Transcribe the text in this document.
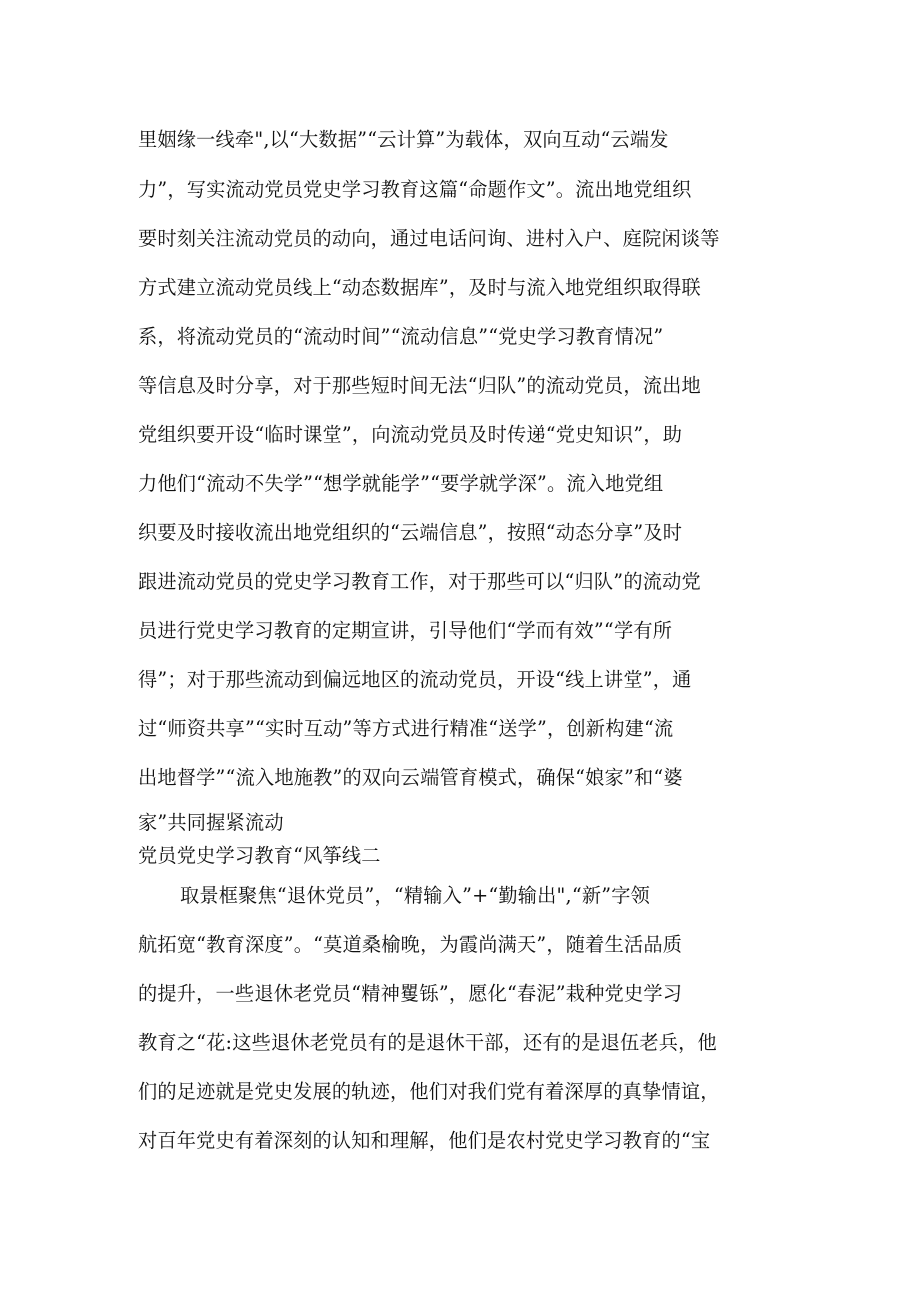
里姻缘一线牵",以“大数据”“云计算”为载体，双向互动“云端发
力”，写实流动党员党史学习教育这篇“命题作文”。流出地党组织
要时刻关注流动党员的动向，通过电话问询、进村入户、庭院闲谈等
方式建立流动党员线上“动态数据库”，及时与流入地党组织取得联
系，将流动党员的“流动时间”“流动信息”“党史学习教育情况”
等信息及时分享，对于那些短时间无法“归队”的流动党员，流出地
党组织要开设“临时课堂”，向流动党员及时传递“党史知识”，助
力他们“流动不失学”“想学就能学”“要学就学深”。流入地党组
织要及时接收流出地党组织的“云端信息”，按照“动态分享”及时
跟进流动党员的党史学习教育工作，对于那些可以“归队”的流动党
员进行党史学习教育的定期宣讲，引导他们“学而有效”“学有所
得”；对于那些流动到偏远地区的流动党员，开设“线上讲堂”，通
过“师资共享”“实时互动”等方式进行精准“送学”，创新构建“流
出地督学”“流入地施教”的双向云端管育模式，确保“娘家”和“婆
家”共同握紧流动
党员党史学习教育“风筝线二
取景框聚焦“退休党员”，“精输入”+“勤输出",“新”字领
航拓宽“教育深度”。“莫道桑榆晚，为霞尚满天”，随着生活品质
的提升，一些退休老党员“精神矍铄”，愿化“春泥”栽种党史学习
教育之“花:这些退休老党员有的是退休干部，还有的是退伍老兵，他
们的足迹就是党史发展的轨迹，他们对我们党有着深厚的真挚情谊，
对百年党史有着深刻的认知和理解，他们是农村党史学习教育的“宝
